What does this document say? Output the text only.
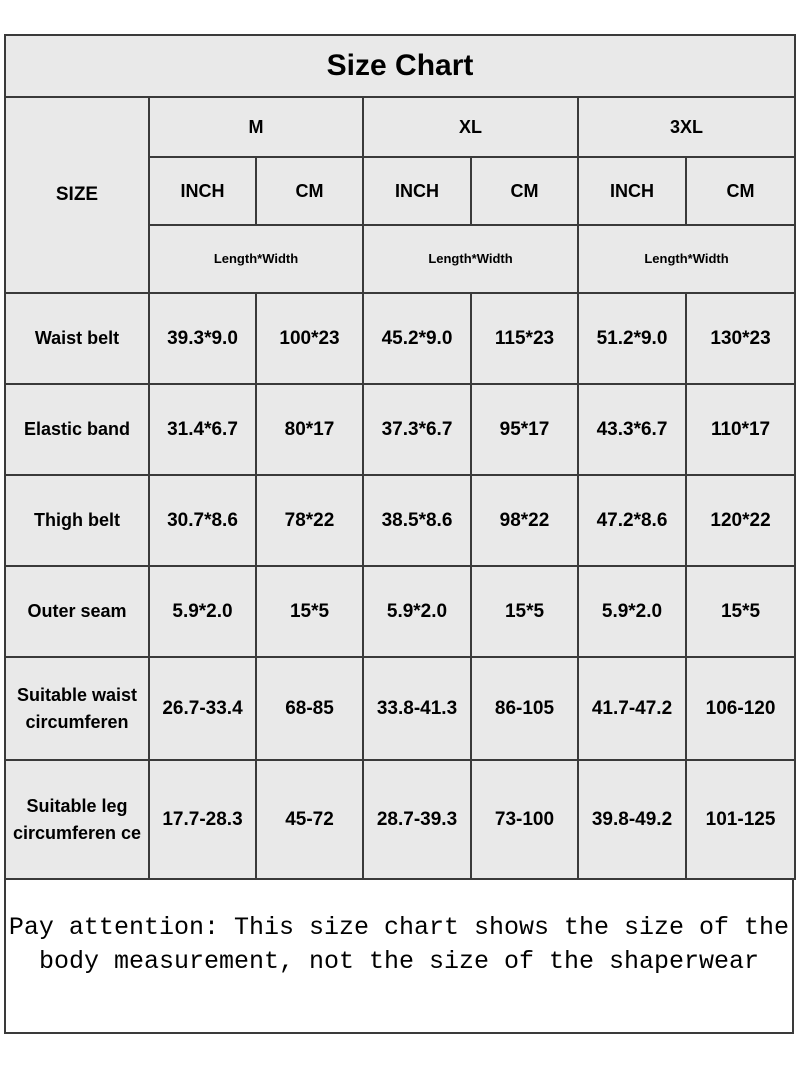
Size Chart						
SIZE	M		XL		3XL	
	INCH	CM	INCH	CM	INCH	CM
	Length*Width		Length*Width		Length*Width	
Waist belt	39.3*9.0	100*23	45.2*9.0	115*23	51.2*9.0	130*23
Elastic band	31.4*6.7	80*17	37.3*6.7	95*17	43.3*6.7	110*17
Thigh belt	30.7*8.6	78*22	38.5*8.6	98*22	47.2*8.6	120*22
Outer seam	5.9*2.0	15*5	5.9*2.0	15*5	5.9*2.0	15*5
Suitable waist circumferen	26.7-33.4	68-85	33.8-41.3	86-105	41.7-47.2	106-120
Suitable leg circumferen ce	17.7-28.3	45-72	28.7-39.3	73-100	39.8-49.2	101-125
Pay attention: This size chart shows the size of the body measurement, not the size of the shaperwear
